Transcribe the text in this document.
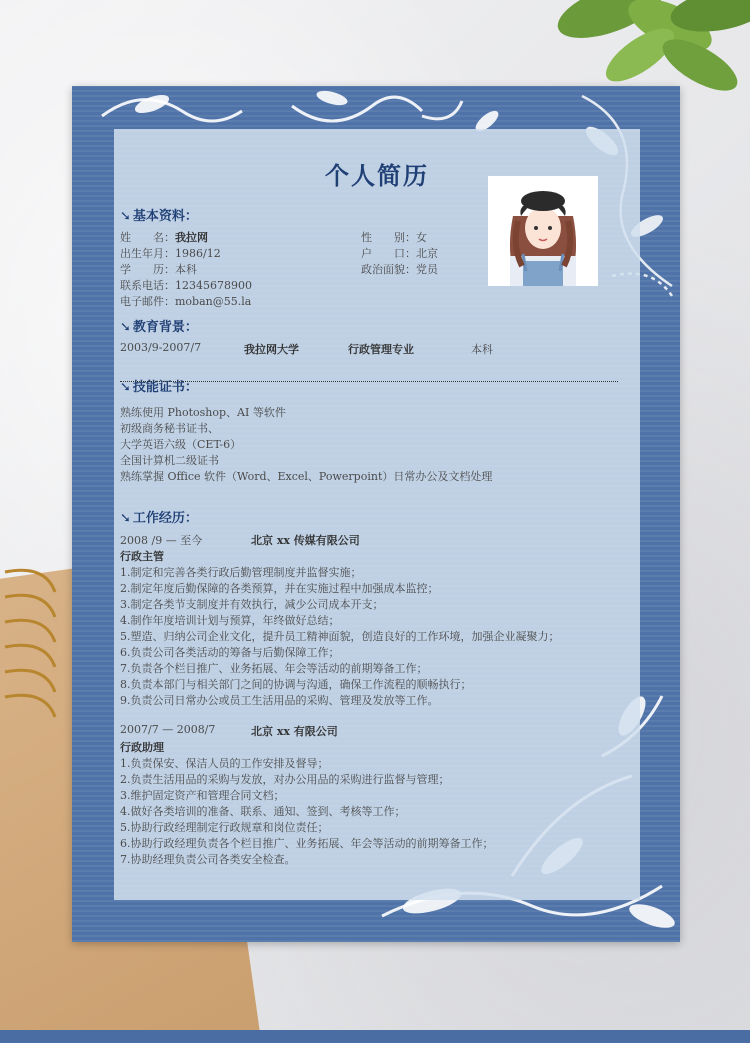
个人简历
➘ 基本资料：
姓　　名：我拉网
出生年月：1986/12
学　　历：本科
联系电话：12345678900
电子邮件：moban@55.la
性　　别：女
户　　口：北京
政治面貌：党员
➘ 教育背景：
2003/9-2007/7	我拉网大学	行政管理专业	本科
➘ 技能证书：
熟练使用 Photoshop、AI 等软件
初级商务秘书证书、
大学英语六级（CET-6）
全国计算机二级证书
熟练掌握 Office 软件（Word、Excel、Powerpoint）日常办公及文档处理
➘ 工作经历：
2008 /9 — 至今	北京 xx 传媒有限公司
行政主管
1.制定和完善各类行政后勤管理制度并监督实施；
2.制定年度后勤保障的各类预算，并在实施过程中加强成本监控；
3.制定各类节支制度并有效执行，减少公司成本开支；
4.制作年度培训计划与预算，年终做好总结；
5.塑造、归纳公司企业文化，提升员工精神面貌，创造良好的工作环境，加强企业凝聚力；
6.负责公司各类活动的筹备与后勤保障工作；
7.负责各个栏目推广、业务拓展、年会等活动的前期筹备工作；
8.负责本部门与相关部门之间的协调与沟通，确保工作流程的顺畅执行；
9.负责公司日常办公或员工生活用品的采购、管理及发放等工作。
2007/7 — 2008/7	北京 xx 有限公司
行政助理
1.负责保安、保洁人员的工作安排及督导；
2.负责生活用品的采购与发放，对办公用品的采购进行监督与管理；
3.维护固定资产和管理合同文档；
4.做好各类培训的准备、联系、通知、签到、考核等工作；
5.协助行政经理制定行政规章和岗位责任；
6.协助行政经理负责各个栏目推广、业务拓展、年会等活动的前期筹备工作；
7.协助经理负责公司各类安全检查。
